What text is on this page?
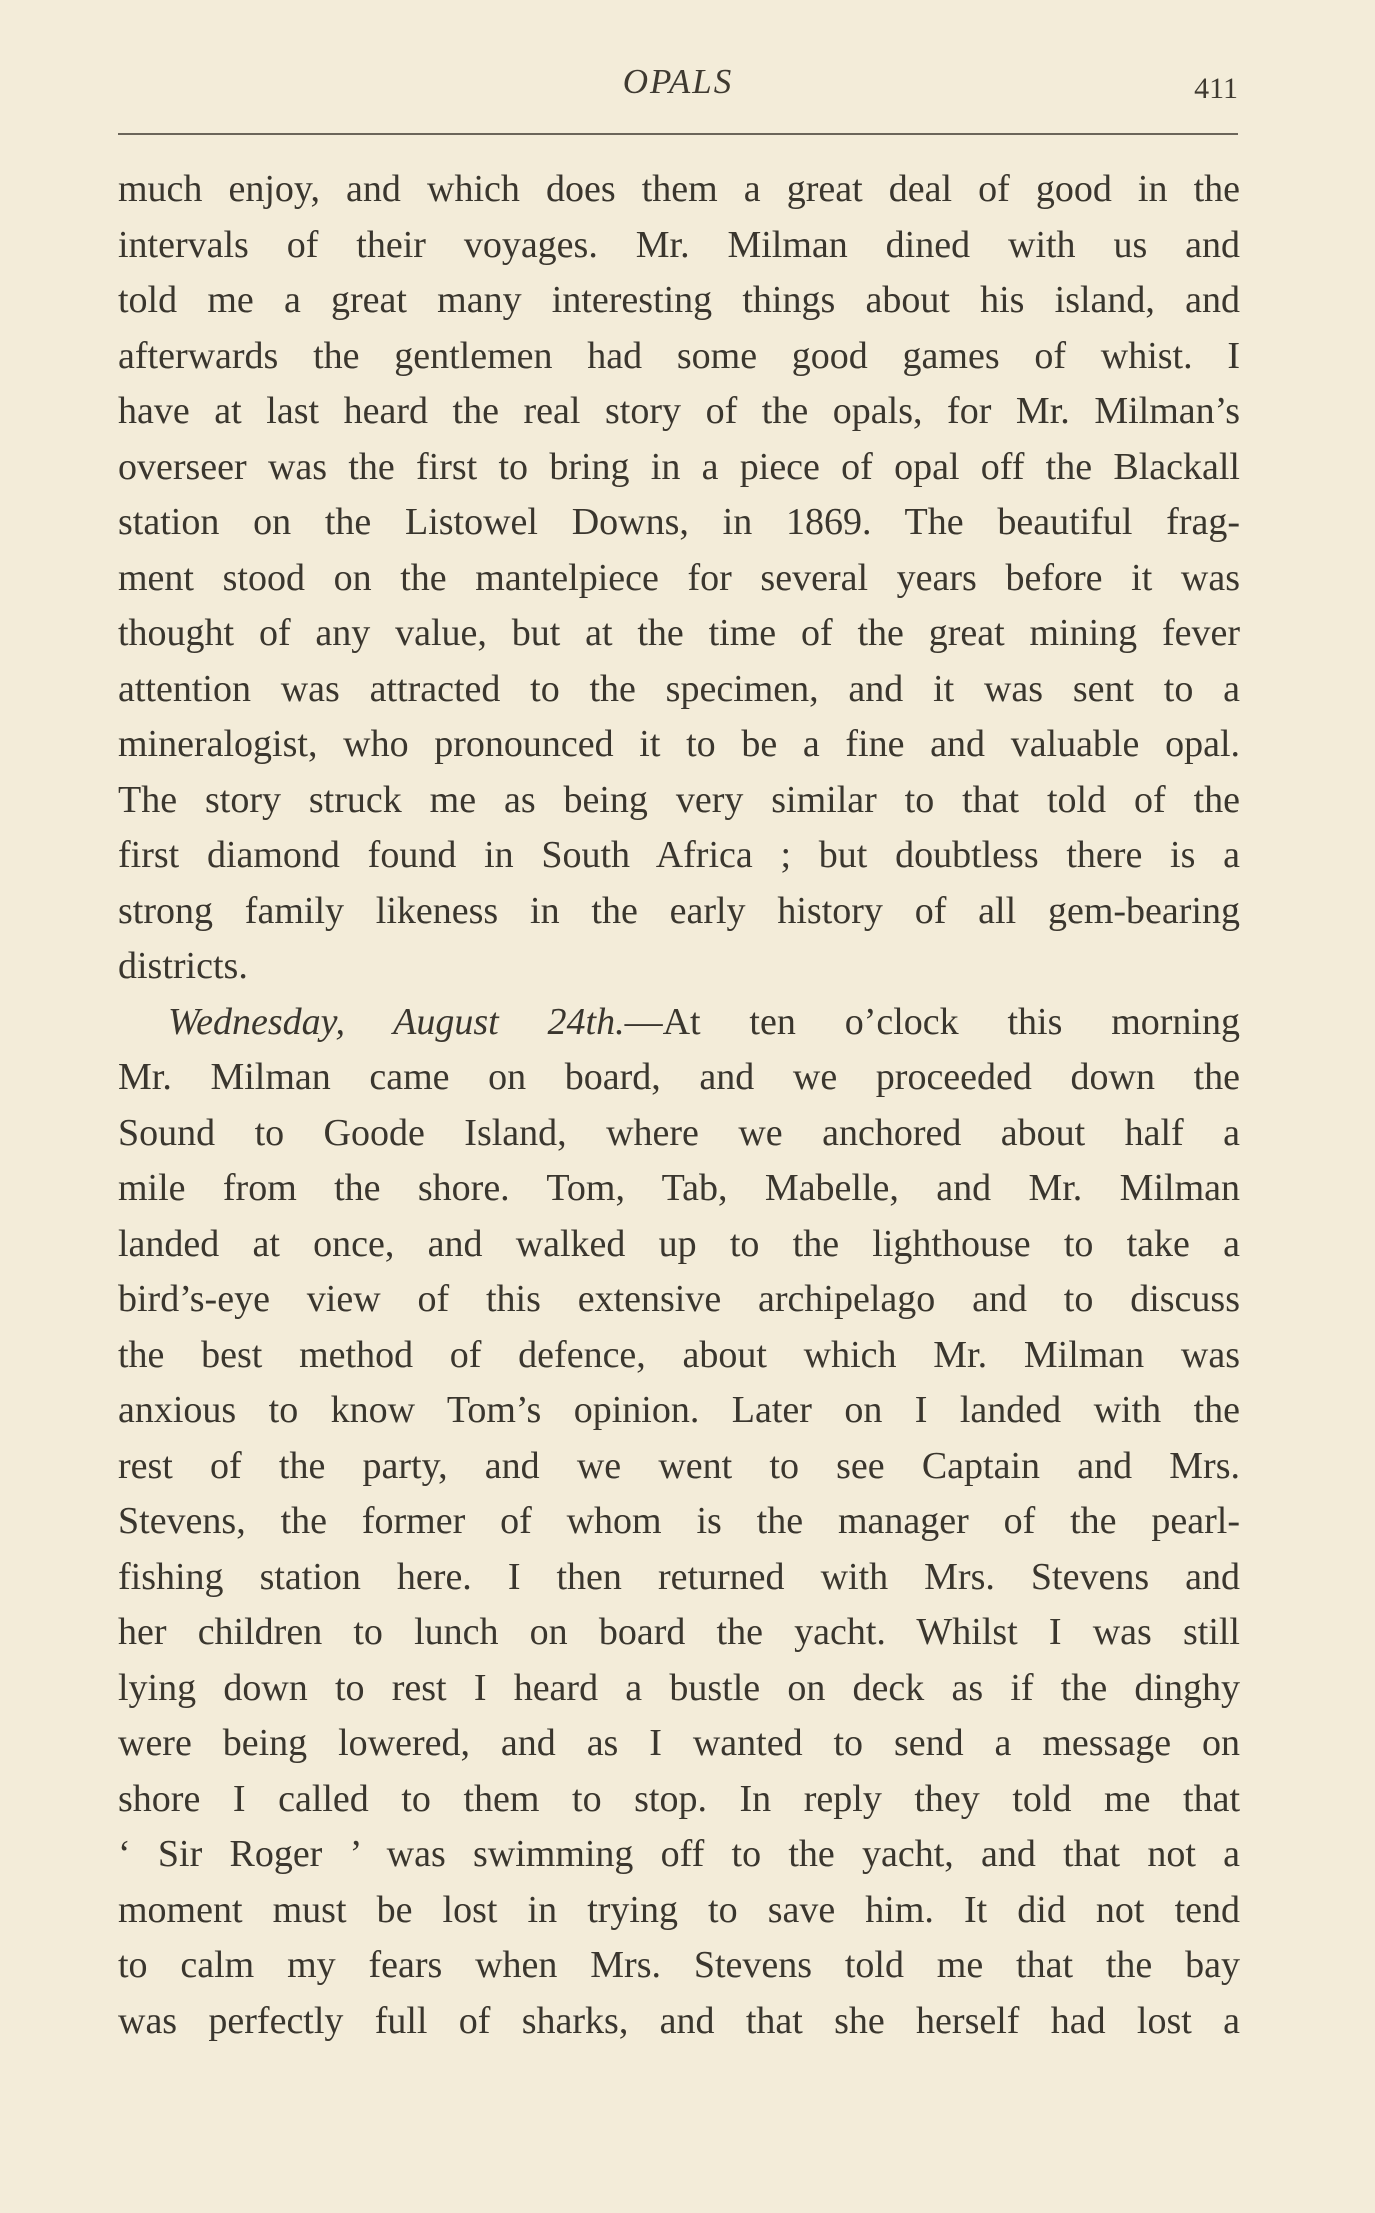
OPALS	411
much enjoy, and which does them a great deal of good in the
intervals of their voyages. Mr. Milman dined with us and
told me a great many interesting things about his island, and
afterwards the gentlemen had some good games of whist. I
have at last heard the real story of the opals, for Mr. Milman’s
overseer was the first to bring in a piece of opal off the Blackall
station on the Listowel Downs, in 1869. The beautiful frag-
ment stood on the mantelpiece for several years before it was
thought of any value, but at the time of the great mining fever
attention was attracted to the specimen, and it was sent to a
mineralogist, who pronounced it to be a fine and valuable opal.
The story struck me as being very similar to that told of the
first diamond found in South Africa ; but doubtless there is a
strong family likeness in the early history of all gem-bearing
districts.
Wednesday, August 24th.—At ten o’clock this morning
Mr. Milman came on board, and we proceeded down the
Sound to Goode Island, where we anchored about half a
mile from the shore. Tom, Tab, Mabelle, and Mr. Milman
landed at once, and walked up to the lighthouse to take a
bird’s-eye view of this extensive archipelago and to discuss
the best method of defence, about which Mr. Milman was
anxious to know Tom’s opinion. Later on I landed with the
rest of the party, and we went to see Captain and Mrs.
Stevens, the former of whom is the manager of the pearl-
fishing station here. I then returned with Mrs. Stevens and
her children to lunch on board the yacht. Whilst I was still
lying down to rest I heard a bustle on deck as if the dinghy
were being lowered, and as I wanted to send a message on
shore I called to them to stop. In reply they told me that
‘ Sir Roger ’ was swimming off to the yacht, and that not a
moment must be lost in trying to save him. It did not tend
to calm my fears when Mrs. Stevens told me that the bay
was perfectly full of sharks, and that she herself had lost a
